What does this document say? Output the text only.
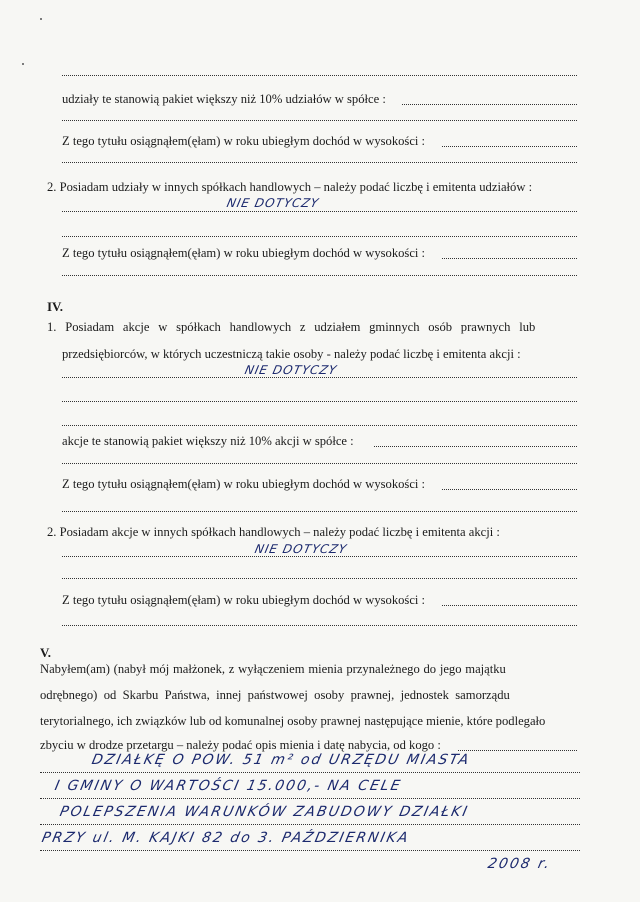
udziały te stanowią pakiet większy niż 10% udziałów w spółce :
Z tego tytułu osiągnąłem(ęłam) w roku ubiegłym dochód w wysokości :
2. Posiadam udziały w innych spółkach handlowych – należy podać liczbę i emitenta udziałów :
NIE DOTYCZY
Z tego tytułu osiągnąłem(ęłam) w roku ubiegłym dochód w wysokości :
IV.
1. Posiadam akcje w spółkach handlowych z udziałem gminnych osób prawnych lub
przedsiębiorców, w których uczestniczą takie osoby - należy podać liczbę i emitenta akcji :
NIE DOTYCZY
akcje te stanowią pakiet większy niż 10% akcji w spółce :
Z tego tytułu osiągnąłem(ęłam) w roku ubiegłym dochód w wysokości :
2. Posiadam akcje w innych spółkach handlowych – należy podać liczbę i emitenta akcji :
NIE DOTYCZY
Z tego tytułu osiągnąłem(ęłam) w roku ubiegłym dochód w wysokości :
V.
Nabyłem(am) (nabył mój małżonek, z wyłączeniem mienia przynależnego do jego majątku
odrębnego) od Skarbu Państwa, innej państwowej osoby prawnej, jednostek samorządu
terytorialnego, ich związków lub od komunalnej osoby prawnej następujące mienie, które podlegało
zbyciu w drodze przetargu – należy podać opis mienia i datę nabycia, od kogo :
DZIAŁKĘ O POW. 51 m² od URZĘDU MIASTA
I GMINY O WARTOŚCI 15.000,- NA CELE
POLEPSZENIA WARUNKÓW ZABUDOWY DZIAŁKI
PRZY ul. M. KAJKI 82 do 3. PAŹDZIERNIKA
2008 r.
